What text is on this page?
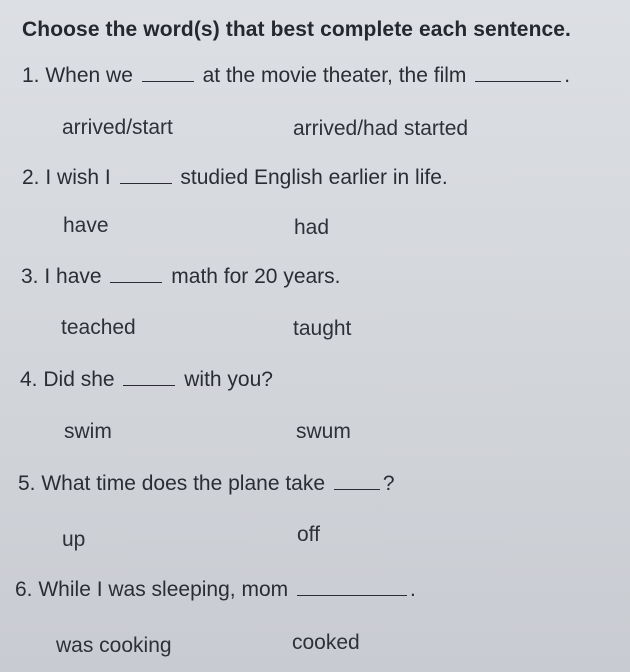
Choose the word(s) that best complete each sentence.
1. When we	at the movie theater, the film	.
arrived/start	arrived/had started
2. I wish I	studied English earlier in life.
have	had
3. I have	math for 20 years.
teached	taught
4. Did she	with you?
swim	swum
5. What time does the plane take	?
up	off
6. While I was sleeping, mom	.
was cooking	cooked
